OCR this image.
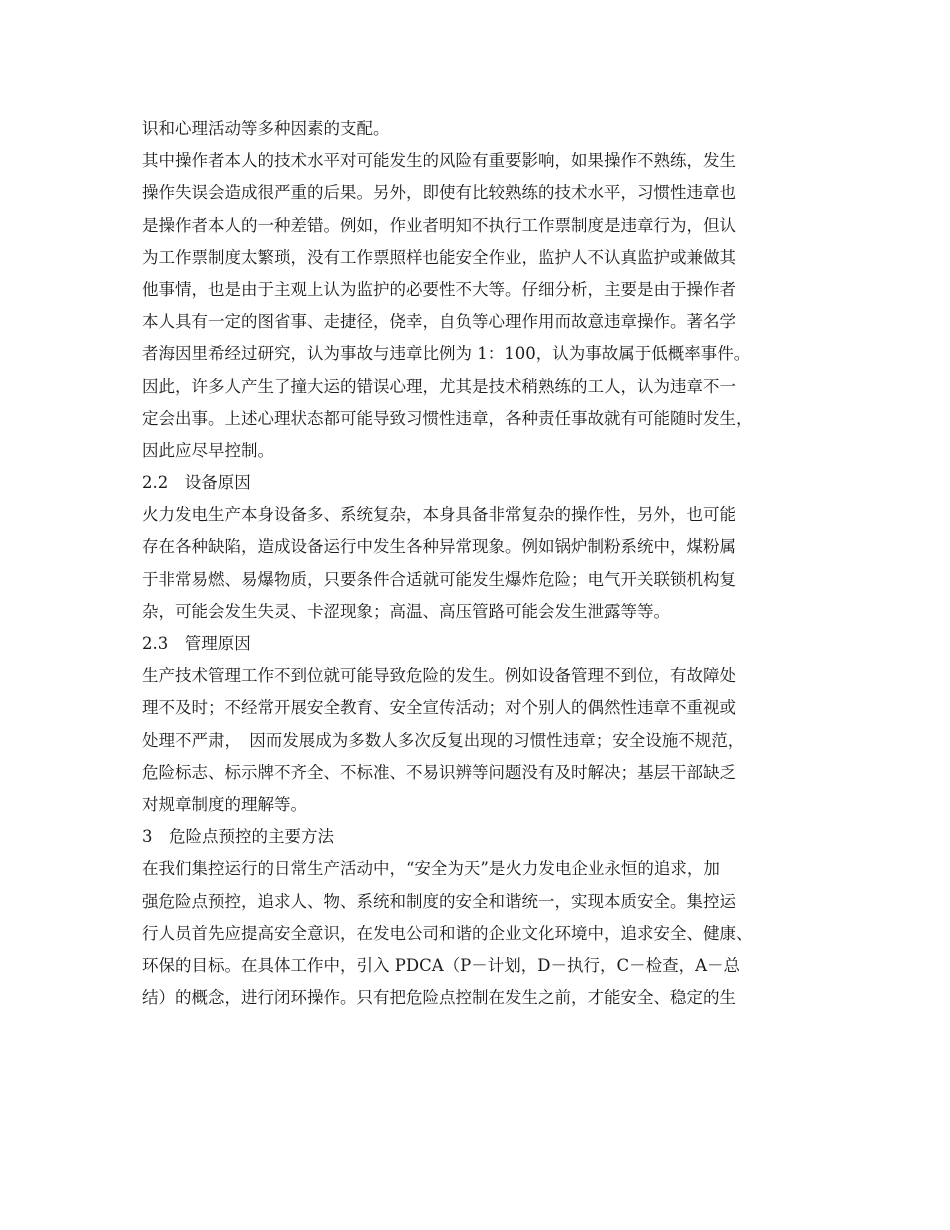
识和心理活动等多种因素的支配。
其中操作者本人的技术水平对可能发生的风险有重要影响，如果操作不熟练，发生
操作失误会造成很严重的后果。另外，即使有比较熟练的技术水平，习惯性违章也
是操作者本人的一种差错。例如，作业者明知不执行工作票制度是违章行为，但认
为工作票制度太繁琐，没有工作票照样也能安全作业，监护人不认真监护或兼做其
他事情，也是由于主观上认为监护的必要性不大等。仔细分析，主要是由于操作者
本人具有一定的图省事、走捷径，侥幸，自负等心理作用而故意违章操作。著名学
者海因里希经过研究，认为事故与违章比例为 1：100，认为事故属于低概率事件。
因此，许多人产生了撞大运的错误心理，尤其是技术稍熟练的工人，认为违章不一
定会出事。上述心理状态都可能导致习惯性违章，各种责任事故就有可能随时发生，
因此应尽早控制。
2.2　设备原因
火力发电生产本身设备多、系统复杂，本身具备非常复杂的操作性，另外，也可能
存在各种缺陷，造成设备运行中发生各种异常现象。例如锅炉制粉系统中，煤粉属
于非常易燃、易爆物质，只要条件合适就可能发生爆炸危险；电气开关联锁机构复
杂，可能会发生失灵、卡涩现象；高温、高压管路可能会发生泄露等等。
2.3　管理原因
生产技术管理工作不到位就可能导致危险的发生。例如设备管理不到位，有故障处
理不及时；不经常开展安全教育、安全宣传活动；对个别人的偶然性违章不重视或
处理不严肃，　因而发展成为多数人多次反复出现的习惯性违章；安全设施不规范，
危险标志、标示牌不齐全、不标准、不易识辨等问题没有及时解决；基层干部缺乏
对规章制度的理解等。
3　危险点预控的主要方法
在我们集控运行的日常生产活动中，“安全为天”是火力发电企业永恒的追求，加
强危险点预控，追求人、物、系统和制度的安全和谐统一，实现本质安全。集控运
行人员首先应提高安全意识，在发电公司和谐的企业文化环境中，追求安全、健康、
环保的目标。在具体工作中，引入 PDCA（P－计划，D－执行，C－检查，A－总
结）的概念，进行闭环操作。只有把危险点控制在发生之前，才能安全、稳定的生
